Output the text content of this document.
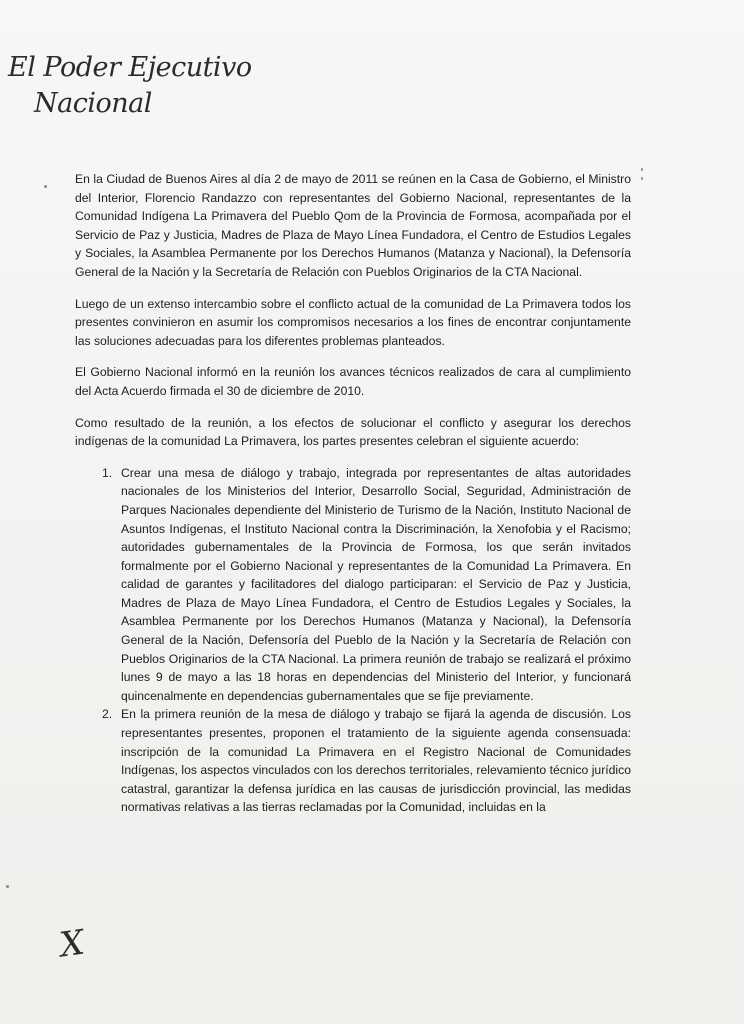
El Poder Ejecutivo
Nacional

En la Ciudad de Buenos Aires al día 2 de mayo de 2011 se reúnen en la Casa de Gobierno, el Ministro del Interior, Florencio Randazzo con representantes del Gobierno Nacional, representantes de la Comunidad Indígena La Primavera del Pueblo Qom de la Provincia de Formosa, acompañada por el Servicio de Paz y Justicia, Madres de Plaza de Mayo Línea Fundadora, el Centro de Estudios Legales y Sociales, la Asamblea Permanente por los Derechos Humanos (Matanza y Nacional), la Defensoría General de la Nación y la Secretaría de Relación con Pueblos Originarios de la CTA Nacional.

Luego de un extenso intercambio sobre el conflicto actual de la comunidad de La Primavera todos los presentes convinieron en asumir los compromisos necesarios a los fines de encontrar conjuntamente las soluciones adecuadas para los diferentes problemas planteados.

El Gobierno Nacional informó en la reunión los avances técnicos realizados de cara al cumplimiento del Acta Acuerdo firmada el 30 de diciembre de 2010.

Como resultado de la reunión, a los efectos de solucionar el conflicto y asegurar los derechos indígenas de la comunidad La Primavera, los partes presentes celebran el siguiente acuerdo:

1. Crear una mesa de diálogo y trabajo, integrada por representantes de altas autoridades nacionales de los Ministerios del Interior, Desarrollo Social, Seguridad, Administración de Parques Nacionales dependiente del Ministerio de Turismo de la Nación, Instituto Nacional de Asuntos Indígenas, el Instituto Nacional contra la Discriminación, la Xenofobia y el Racismo; autoridades gubernamentales de la Provincia de Formosa, los que serán invitados formalmente por el Gobierno Nacional y representantes de la Comunidad La Primavera. En calidad de garantes y facilitadores del dialogo participaran: el Servicio de Paz y Justicia, Madres de Plaza de Mayo Línea Fundadora, el Centro de Estudios Legales y Sociales, la Asamblea Permanente por los Derechos Humanos (Matanza y Nacional), la Defensoría General de la Nación, Defensoría del Pueblo de la Nación y la Secretaría de Relación con Pueblos Originarios de la CTA Nacional. La primera reunión de trabajo se realizará el próximo lunes 9 de mayo a las 18 horas en dependencias del Ministerio del Interior, y funcionará quincenalmente en dependencias gubernamentales que se fije previamente.
2. En la primera reunión de la mesa de diálogo y trabajo se fijará la agenda de discusión. Los representantes presentes, proponen el tratamiento de la siguiente agenda consensuada: inscripción de la comunidad La Primavera en el Registro Nacional de Comunidades Indígenas, los aspectos vinculados con los derechos territoriales, relevamiento técnico jurídico catastral, garantizar la defensa jurídica en las causas de jurisdicción provincial, las medidas normativas relativas a las tierras reclamadas por la Comunidad, incluidas en la
X
